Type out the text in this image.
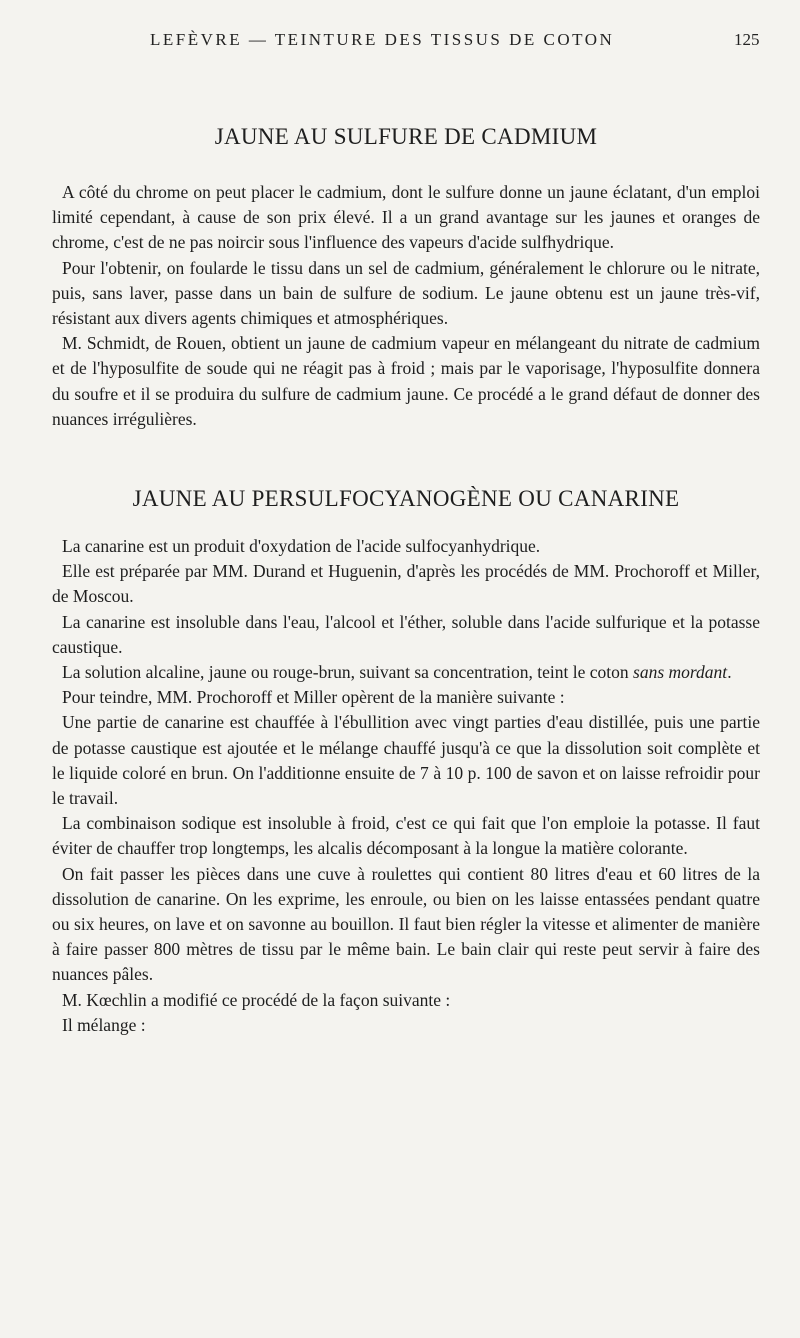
LEFÈVRE — TEINTURE DES TISSUS DE COTON	125
JAUNE AU SULFURE DE CADMIUM

A côté du chrome on peut placer le cadmium, dont le sulfure donne un jaune éclatant, d'un emploi limité cependant, à cause de son prix élevé. Il a un grand avantage sur les jaunes et oranges de chrome, c'est de ne pas noircir sous l'influence des vapeurs d'acide sulfhydrique.

Pour l'obtenir, on foularde le tissu dans un sel de cadmium, généralement le chlorure ou le nitrate, puis, sans laver, passe dans un bain de sulfure de sodium. Le jaune obtenu est un jaune très-vif, résistant aux divers agents chimiques et atmosphériques.

M. Schmidt, de Rouen, obtient un jaune de cadmium vapeur en mélangeant du nitrate de cadmium et de l'hyposulfite de soude qui ne réagit pas à froid ; mais par le vaporisage, l'hyposulfite donnera du soufre et il se produira du sulfure de cadmium jaune. Ce procédé a le grand défaut de donner des nuances irrégulières.

JAUNE AU PERSULFOCYANOGÈNE OU CANARINE

La canarine est un produit d'oxydation de l'acide sulfocyanhydrique.

Elle est préparée par MM. Durand et Huguenin, d'après les procédés de MM. Prochoroff et Miller, de Moscou.

La canarine est insoluble dans l'eau, l'alcool et l'éther, soluble dans l'acide sulfurique et la potasse caustique.

La solution alcaline, jaune ou rouge-brun, suivant sa concentration, teint le coton sans mordant.

Pour teindre, MM. Prochoroff et Miller opèrent de la manière suivante :

Une partie de canarine est chauffée à l'ébullition avec vingt parties d'eau distillée, puis une partie de potasse caustique est ajoutée et le mélange chauffé jusqu'à ce que la dissolution soit complète et le liquide coloré en brun. On l'additionne ensuite de 7 à 10 p. 100 de savon et on laisse refroidir pour le travail.

La combinaison sodique est insoluble à froid, c'est ce qui fait que l'on emploie la potasse. Il faut éviter de chauffer trop longtemps, les alcalis décomposant à la longue la matière colorante.

On fait passer les pièces dans une cuve à roulettes qui contient 80 litres d'eau et 60 litres de la dissolution de canarine. On les exprime, les enroule, ou bien on les laisse entassées pendant quatre ou six heures, on lave et on savonne au bouillon. Il faut bien régler la vitesse et alimenter de manière à faire passer 800 mètres de tissu par le même bain. Le bain clair qui reste peut servir à faire des nuances pâles.

M. Kœchlin a modifié ce procédé de la façon suivante :

Il mélange :
